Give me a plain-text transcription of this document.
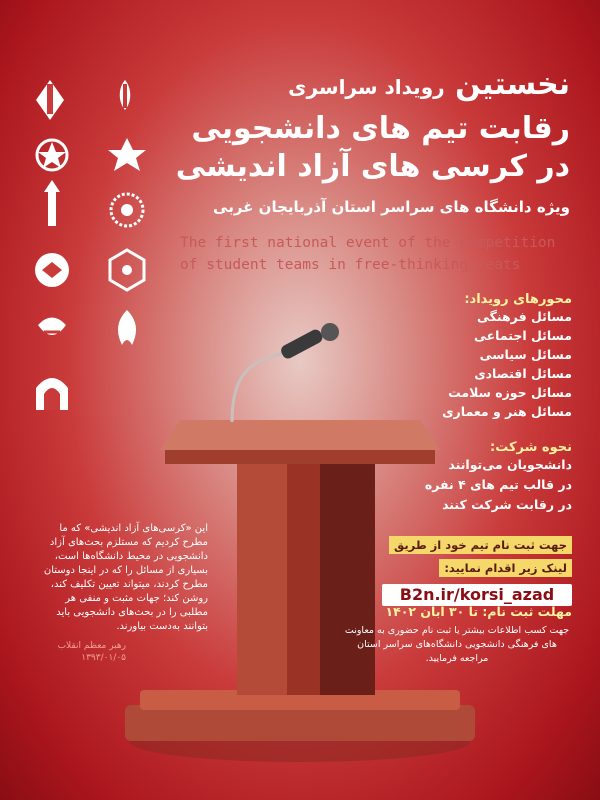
نخستین رویداد سراسری
رقابت تیم های دانشجویی
در کرسی های آزاد اندیشی
ویژه دانشگاه های سراسر استان آذربایجان غربی
The first national event of the competition
of student teams in free-thinking seats
محورهای رویداد:
مسائل فرهنگی
مسائل اجتماعی
مسائل سیاسی
مسائل اقتصادی
مسائل حوزه سلامت
مسائل هنر و معماری
نحوه شرکت:
دانشجویان می‌توانند
در قالب تیم های ۴ نفره
در رقابت شرکت کنند
جهت ثبت نام تیم خود از طریق
لینک زیر اقدام نمایید:
B2n.ir/korsi_azad
مهلت ثبت نام: تا ۳۰ آبان ۱۴۰۲
جهت کسب اطلاعات بیشتر یا ثبت نام حضوری به معاونت های فرهنگی دانشجویی دانشگاه‌های سراسر استان مراجعه فرمایید.
این «کرسی‌های آزاد اندیشی» که ما مطرح کردیم که مستلزم بحث‌های آزاد دانشجویی در محیط دانشگاه‌ها است، بسیاری از مسائل را که در اینجا دوستان مطرح کردند، میتواند تعیین تکلیف کند، روشن کند؛ جهات مثبت و منفی هر مطلبی را در بحث‌های دانشجویی باید بتوانند به‌دست بیاورند.
رهبر معظم انقلاب
۱۳۹۳/۰۱/۰۵
